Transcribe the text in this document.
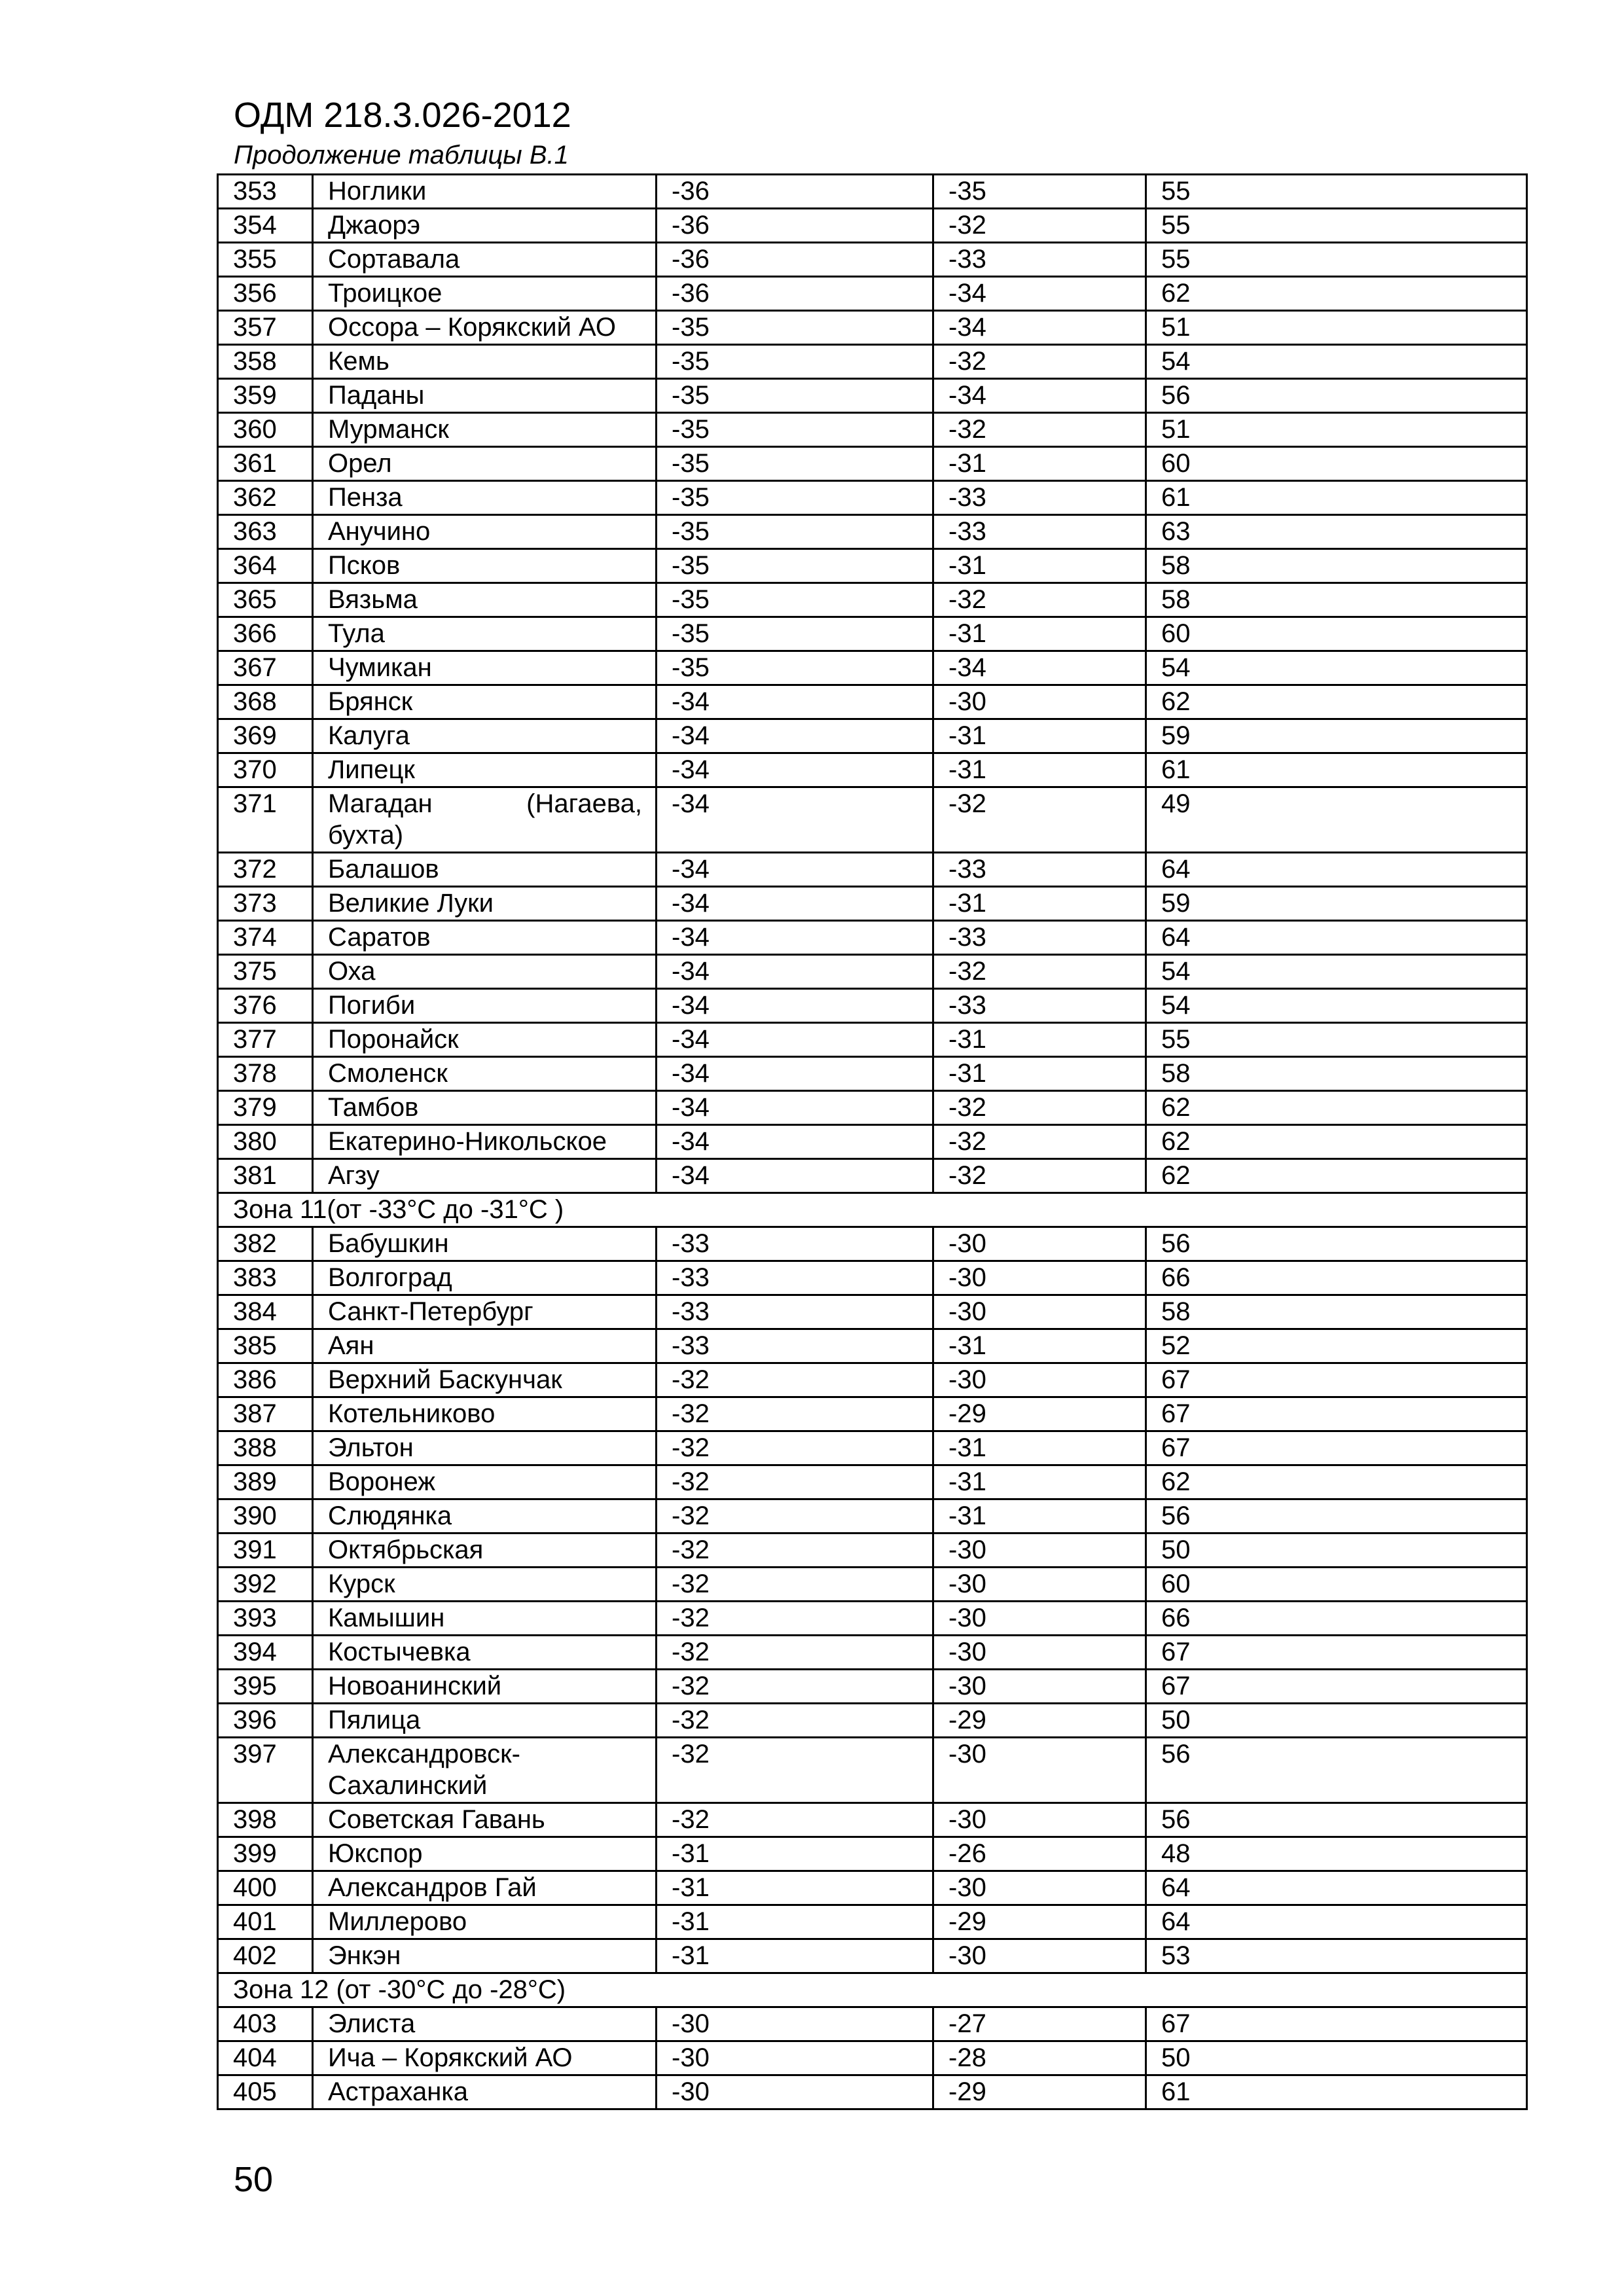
ОДМ 218.3.026-2012
Продолжение таблицы В.1
353	Ноглики	-36	-35	55
354	Джаорэ	-36	-32	55
355	Сортавала	-36	-33	55
356	Троицкое	-36	-34	62
357	Оссора – Корякский АО	-35	-34	51
358	Кемь	-35	-32	54
359	Паданы	-35	-34	56
360	Мурманск	-35	-32	51
361	Орел	-35	-31	60
362	Пенза	-35	-33	61
363	Анучино	-35	-33	63
364	Псков	-35	-31	58
365	Вязьма	-35	-32	58
366	Тула	-35	-31	60
367	Чумикан	-35	-34	54
368	Брянск	-34	-30	62
369	Калуга	-34	-31	59
370	Липецк	-34	-31	61
371	Магадан (Нагаева,
бухта)	-34	-32	49
372	Балашов	-34	-33	64
373	Великие Луки	-34	-31	59
374	Саратов	-34	-33	64
375	Оха	-34	-32	54
376	Погиби	-34	-33	54
377	Поронайск	-34	-31	55
378	Смоленск	-34	-31	58
379	Тамбов	-34	-32	62
380	Екатерино-Никольское	-34	-32	62
381	Агзу	-34	-32	62
Зона 11(от -33°С до -31°С )				
382	Бабушкин	-33	-30	56
383	Волгоград	-33	-30	66
384	Санкт-Петербург	-33	-30	58
385	Аян	-33	-31	52
386	Верхний Баскунчак	-32	-30	67
387	Котельниково	-32	-29	67
388	Эльтон	-32	-31	67
389	Воронеж	-32	-31	62
390	Слюдянка	-32	-31	56
391	Октябрьская	-32	-30	50
392	Курск	-32	-30	60
393	Камышин	-32	-30	66
394	Костычевка	-32	-30	67
395	Новоанинский	-32	-30	67
396	Пялица	-32	-29	50
397	Александровск-
Сахалинский	-32	-30	56
398	Советская Гавань	-32	-30	56
399	Юкспор	-31	-26	48
400	Александров Гай	-31	-30	64
401	Миллерово	-31	-29	64
402	Энкэн	-31	-30	53
Зона 12 (от -30°С до -28°С)				
403	Элиста	-30	-27	67
404	Ича – Корякский АО	-30	-28	50
405	Астраханка	-30	-29	61
50
